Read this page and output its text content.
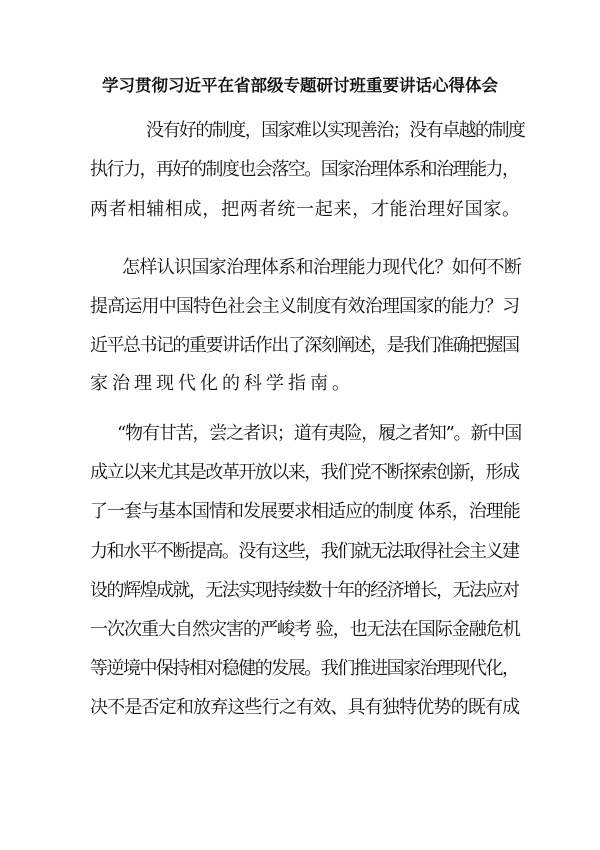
学习贯彻习近平在省部级专题研讨班重要讲话心得体会
没有好的制度，国家难以实现善治；没有卓越的制度
执行力，再好的制度也会落空。国家治理体系和治理能力，
两者相辅相成，把两者统一起来，才能治理好国家。
怎样认识国家治理体系和治理能力现代化？如何不断
提高运用中国特色社会主义制度有效治理国家的能力？习
近平总书记的重要讲话作出了深刻阐述，是我们准确把握国
家治理现代化的科学指南。
“物有甘苦，尝之者识；道有夷险，履之者知”。新中国
成立以来尤其是改革开放以来，我们党不断探索创新，形成
了一套与基本国情和发展要求相适应的制度 体系，治理能
力和水平不断提高。没有这些，我们就无法取得社会主义建
设的辉煌成就，无法实现持续数十年的经济增长，无法应对
一次次重大自然灾害的严峻考 验，也无法在国际金融危机
等逆境中保持相对稳健的发展。我们推进国家治理现代化，
决不是否定和放弃这些行之有效、具有独特优势的既有成
